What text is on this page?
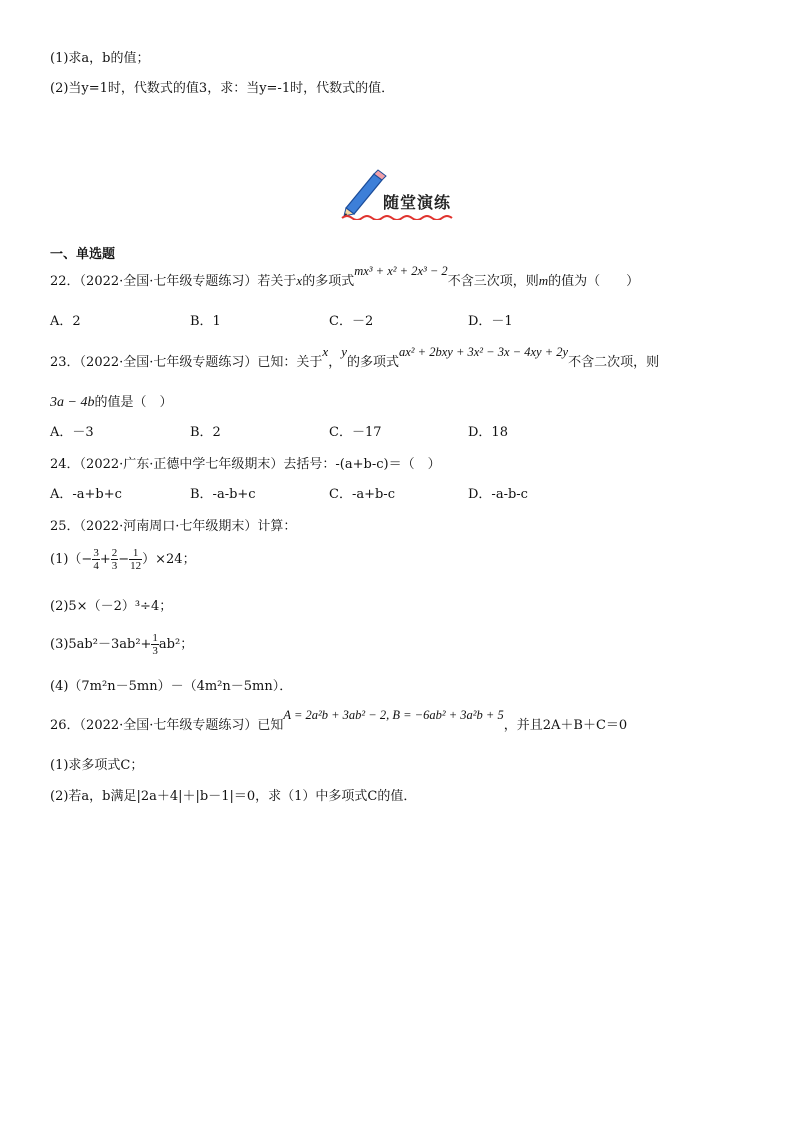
(1)求a，b的值；
(2)当y=1时，代数式的值3，求：当y=-1时，代数式的值．
随堂演练
一、单选题
22．（2022·全国·七年级专题练习）若关于x的多项式mx³ + x² + 2x³ − 2不含三次项，则m的值为（　　）
A．2	B．1	C．－2	D．－1
23．（2022·全国·七年级专题练习）已知：关于x，y的多项式ax² + 2bxy + 3x² − 3x − 4xy + 2y不含二次项，则
3a − 4b的值是（　）
A．－3	B．2	C．－17	D．18
24．（2022·广东·正德中学七年级期末）去括号：-(a+b-c)＝（　）
A．-a+b+c	B．-a-b+c	C．-a+b-c	D．-a-b-c
25．（2022·河南周口·七年级期末）计算：
$(1)(- \frac{3}{4} + \frac{2}{3} - \frac{1}{12} )\times 24$；
(2)5×（－2）³÷4；
$(3)5ab^2-3ab^2+ \frac{1}{3} ab^2$；
(4)（7m²n－5mn）－（4m²n－5mn）．
26．（2022·全国·七年级专题练习）已知A = 2a²b + 3ab² − 2, B = −6ab² + 3a²b + 5，并且2A＋B＋C＝0
(1)求多项式C；
(2)若a，b满足|2a＋4|＋|b－1|＝0，求（1）中多项式C的值．
